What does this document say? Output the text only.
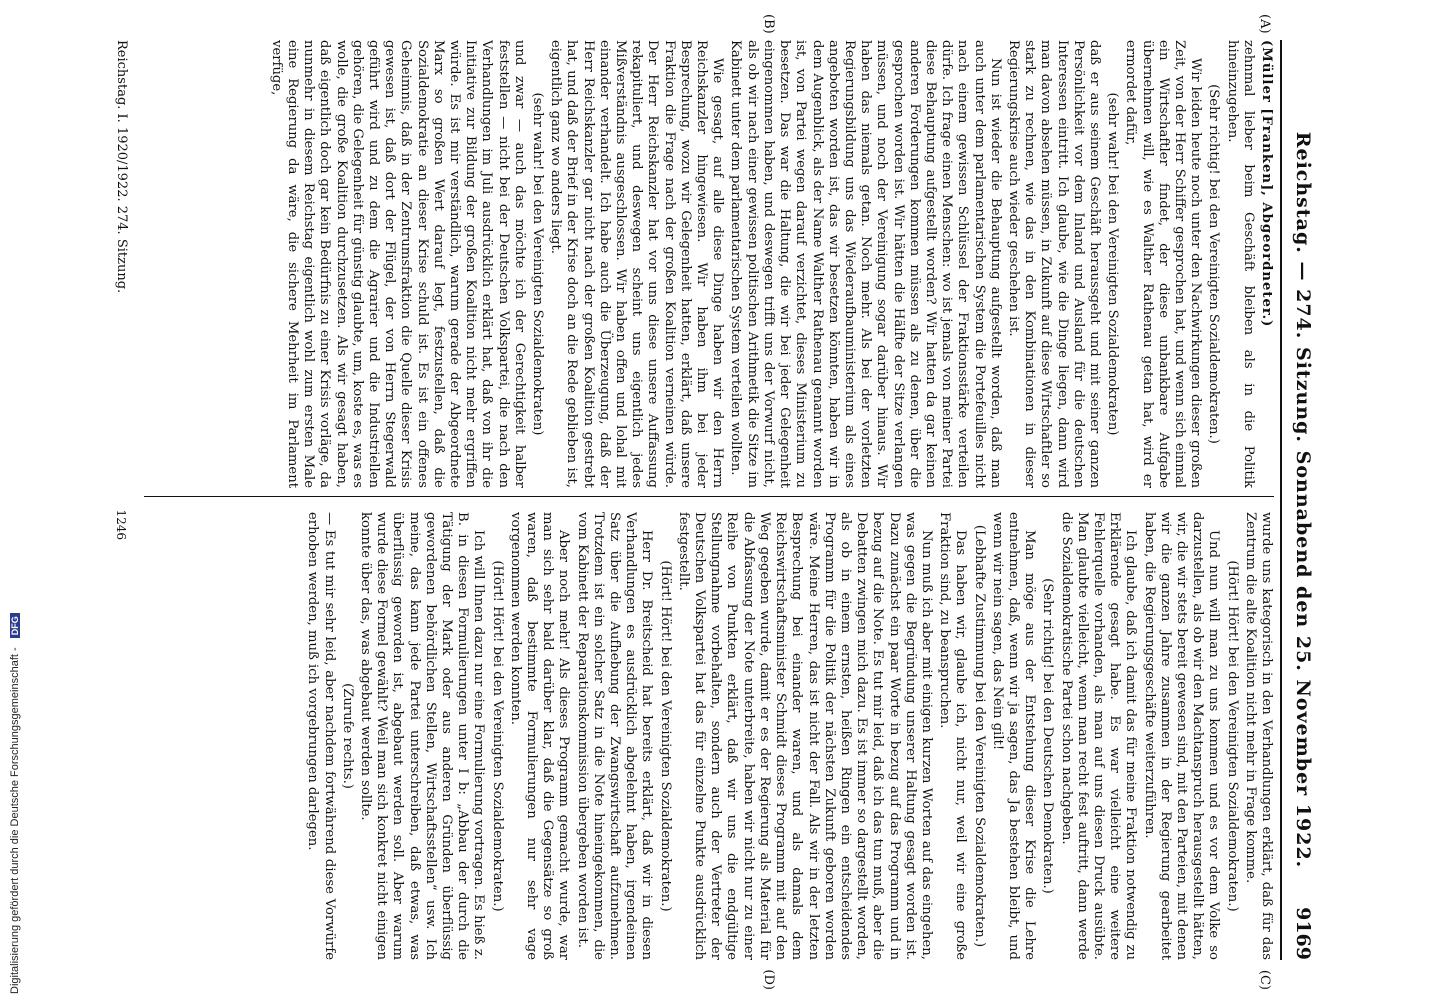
Digitalisierung gefördert durch die Deutsche Forschungsgemeinschaft - DFG	Reichstag. — 274. Sitzung. Sonnabend den 25. November 1922.
9169
(A)
(B)
(C)
(D)

(Müller [Franken], Abgeordneter.)

zehnmal lieber beim Geschäft bleiben als in die Politik hineinzugehen.

(Sehr richtig! bei den Vereinigten Sozialdemokraten.)

Wir leiden heute noch unter den Nachwirkungen dieser großen Zeit, von der Herr Schiffer gesprochen hat, und wenn sich einmal ein Wirtschaftler findet, der diese unbankbare Aufgabe übernehmen will, wie es Walther Rathenau getan hat, wird er ermordet dafür,

(sehr wahr! bei den Vereinigten Sozialdemokraten)

daß er aus seinem Geschäft heraussgeht und mit seiner ganzen Persönlichkeit vor dem Inland und Ausland für die deutschen Interessen eintritt. Ich glaube, wie die Dinge liegen, dann wird man davon absehen müssen, in Zukunft auf diese Wirtschaftler so stark zu rechnen, wie das in den Kombinationen in dieser Regierungskrise auch wieder geschehen ist.

Nun ist wieder die Behauptung aufgestellt worden, daß man auch unter dem parlamentarischen System die Portefeuilles nicht nach einem gewissen Schlüssel der Fraktionsstärke verteilen dürfe. Ich frage einen Menschen: wo ist jemals von meiner Partei diese Behauptung aufgestellt worden? Wir hatten da gar keinen anderen Forderungen kommen müssen als zu denen, über die gesprochen worden ist. Wir hätten die Hälfte der Sitze verlangen müssen, und noch der Vereinigung sogar darüber hinaus. Wir haben das niemals getan. Noch mehr. Als bei der vorletzten Regierungsbildung uns das Wiederaufbauministerium als eines angeboten worden ist, das wir besetzen könnten, haben wir in dem Augenblick, als der Name Walther Rathenau genannt worden ist, von Partei wegen darauf verzichtet, dieses Ministerium zu besetzen. Das war die Haltung, die wir bei jeder Gelegenheit eingenommen haben, und deswegen trifft uns der Vorwurf nicht, als ob wir nach einer gewissen politischen Arithmetik die Sitze im Kabinett unter dem parlamentarischen System verteilen wollten.

Wie gesagt, auf alle diese Dinge haben wir den Herrn Reichskanzler hingewiesen. Wir haben ihm bei jeder Besprechung, wozu wir Gelegenheit hatten, erklärt, daß unsere Fraktion die Frage nach der großen Koalition verneinen würde. Der Herr Reichskanzler hat vor uns diese unsere Auffassung rekapituliert, und deswegen scheint uns eigentlich jedes Mißverständnis ausgeschlossen. Wir haben offen und lohal mit einander verhandelt. Ich habe auch die Überzeugung, daß der Herr Reichskanzler gar nicht nach der großen Koalition gestrebt hat, und daß der Brief in der Krise doch an die Rede geblieben ist, eigentlich ganz wo anders liegt.

(sehr wahr! bei den Vereinigten Sozialdemokraten)

und zwar — auch das möchte ich der Gerechtigkeit halber feststellen — nicht bei der Deutschen Volkspartei, die nach den Verhandlungen im Juli ausdrücklich erklärt hat, daß von ihr die Initiative zur Bildung der großen Koalition nicht mehr ergriffen würde. Es ist mir verständlich, warum gerade der Abgeordnete Marx so großen Wert darauf legt, festzustellen, daß die Sozialdemokratie an dieser Krise schuld ist. Es ist ein offenes Geheimnis, daß in der Zentrumsfraktion die Quelle dieser Krisis gewesen ist, daß dort der Flügel, der von Herrn Stegerwald geführt wird und zu dem die Agrarier und die Industriellen gehören, die Gelegenheit für günstig glaubte, um, koste es, was es wolle, die große Koalition durchzusetzen. Als wir gesagt haben, daß eigentlich doch gar kein Bedürfnis zu einer Krisis vorläge, da nunmehr in diesem Reichstag eigentlich wohl zum ersten Male eine Regierung da wäre, die sichere Mehrheit im Parlament verfüge,

wurde uns kategorisch in den Verhandlungen erklärt, daß für das Zentrum die alte Koalition nicht mehr in Frage komme.

(Hört! Hört! bei den Vereinigten Sozialdemokraten.)

Und nun will man zu uns kommen und es vor dem Volke so darzustellen, als ob wir den Machtanspruch herausgestellt hätten, wir, die wir stets bereit gewesen sind, mit den Parteien, mit denen wir die ganzen Jahre zusammen in der Regierung gearbeitet haben, die Regierungsgeschäfte weiterzuführen.

Ich glaube, daß ich damit das für meine Fraktion notwendig zu Erklärende gesagt habe. Es war vielleicht eine weitere Fehlerquelle vorhanden, als man auf uns diesen Druck ausübte. Man glaubte vielleicht, wenn man recht fest auftritt, dann werde die Sozialdemokratische Partei schon nachgeben.

(Sehr richtig! bei den Deutschen Demokraten.)

Man möge aus der Entstehung dieser Krise die Lehre entnehmen, daß, wenn wir ja sagen, das Ja bestehen bleibt, und wenn wir nein sagen, das Nein gilt!

(Lebhafte Zustimmung bei den Vereinigten Sozialdemokraten.)

Das haben wir, glaube ich, nicht nur, weil wir eine große Fraktion sind, zu beanspruchen.

Nun muß ich aber mit einigen kurzen Worten auf das eingehen, was gegen die Begründung unserer Haltung gesagt worden ist. Dazu zunächst ein paar Worte in bezug auf das Programm und in bezug auf die Note. Es tut mir leid, daß ich das tun muß, aber die Debatten zwingen mich dazu. Es ist immer so dargestellt worden, als ob in einem ernsten, heißen Ringen ein entscheidendes Programm für die Politik der nächsten Zukunft geboren worden wäre. Meine Herren, das ist nicht der Fall. Als wir in der letzten Besprechung bei einander waren, und als damals dem Reichswirtschaftsminister Schmidt dieses Programm mit auf den Weg gegeben wurde, damit er es der Regierung als Material für die Abfassung der Note unterbreite, haben wir nicht nur zu einer Reihe von Punkten erklärt, daß wir uns die endgültige Stellungnahme vorbehalten, sondern auch der Vertreter der Deutschen Volkspartei hat das für einzelne Punkte ausdrücklich festgestellt.

(Hört! Hört! bei den Vereinigten Sozialdemokraten.)

Herr Dr. Breitscheid hat bereits erklärt, daß wir in diesen Verhandlungen es ausdrücklich abgelehnt haben, irgendeinen Satz über die Aufhebung der Zwangswirtschaft aufzunehmen. Trotzdem ist ein solcher Satz in die Note hineingekommen, die vom Kabinett der Reparationskommission übergeben worden ist.

Aber noch mehr! Als dieses Programm gemacht wurde, war man sich sehr bald darüber klar, daß die Gegensätze so groß waren, daß bestimmte Formulierungen nur sehr vage vorgenommen werden konnten.

(Hört! Hört! bei den Vereinigten Sozialdemokraten.)

Ich will Ihnen dazu nur eine Formulierung vortragen. Es hieß z. B. in diesen Formulierungen unter I b: „Abbau der durch die Tätigung der Mark oder aus anderen Gründen überflüssig gewordenen behördlichen Stellen, Wirtschaftsstellen“ usw. Ich meine, das kann jede Partei unterschreiben, daß etwas, was überflüssig geworden ist, abgebaut werden soll. Aber warum wurde diese Formel gewählt? Weil man sich konkret nicht einigen konnte über das, was abgebaut werden sollte.

(Zurufe rechts.)

— Es tut mir sehr leid, aber nachdem fortwährend diese Vorwürfe erhoben werden, muß ich vorgebrungen darlegen.

Reichstag. I. 1920/1922. 274. Sitzung.
1246
